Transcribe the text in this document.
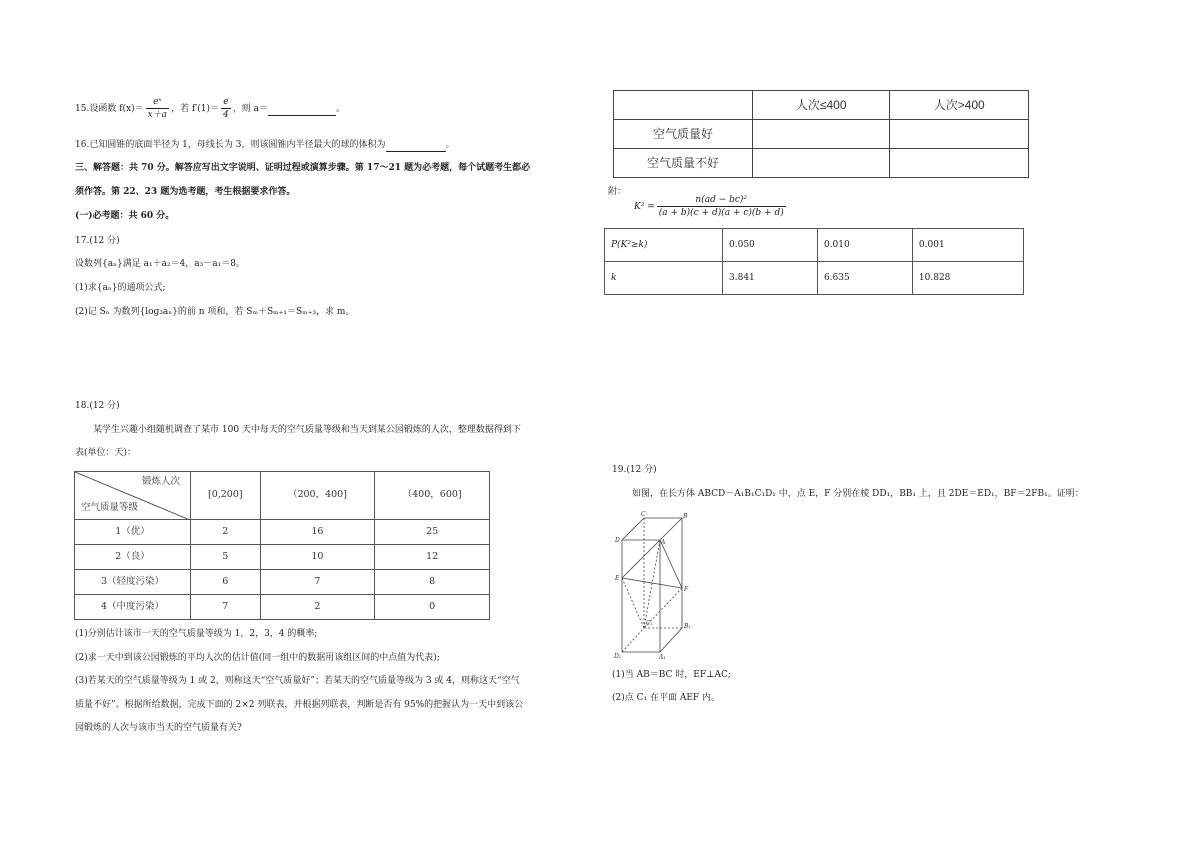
15.设函数 $f(x)= \frac{\text{eˣ}}{x+a}$ ，若 $f'(1)= \frac{e}{4}$ ，则 a＝	。
16.已知圆锥的底面半径为 1，母线长为 3，则该圆锥内半径最大的球的体积为	。
三、解答题：共 70 分。解答应写出文字说明、证明过程或演算步骤。第 17～21 题为必考题，每个试题考生都必
须作答。第 22、23 题为选考题，考生根据要求作答。
(一)必考题：共 60 分。
17.(12 分)
设数列{aₙ}满足 a₁＋a₂＝4，a₃－a₁＝8。
(1)求{aₙ}的通项公式;
(2)记 Sₙ 为数列{log₃aₙ}的前 n 项和，若 Sₘ＋Sₘ₊₁＝Sₘ₊₃，求 m。
18.(12 分)
某学生兴趣小组随机调查了某市 100 天中每天的空气质量等级和当天到某公园锻炼的人次，整理数据得到下
表(单位：天)：
锻炼人次
空气质量等级	[0,200]	（200，400]	（400，600]
1（优）	2	16	25
2（良）	5	10	12
3（轻度污染）	6	7	8
4（中度污染）	7	2	0
(1)分别估计该市一天的空气质量等级为 1，2，3，4 的概率;
(2)求一天中到该公园锻炼的平均人次的估计值(同一组中的数据用该组区间的中点值为代表);
(3)若某天的空气质量等级为 1 或 2，则称这天“空气质量好”；若某天的空气质量等级为 3 或 4，则称这天“空气
质量不好”。根据所给数据，完成下面的 2×2 列联表，并根据列联表，判断是否有 95%的把握认为一天中到该公
园锻炼的人次与该市当天的空气质量有关?
	人次≤400	人次>400
空气质量好		
空气质量不好		
附：
$K^2 = \frac{\text{n(ad − bc)²}}{(a + b)(c + d)(a + c)(b + d)}$
P(K²≥k)	0.050	0.010	0.001
k	3.841	6.635	10.828
19.(12 分)
如图，在长方体 ABCD－A₁B₁C₁D₁ 中，点 E，F 分别在棱 DD₁，BB₁ 上，且 2DE＝ED₁，BF＝2FB₁。证明：
C	B
D	A
E
F
C₁	B₁
D₁	A₁
(1)当 AB＝BC 时，EF⊥AC;
(2)点 C₁ 在平面 AEF 内。
